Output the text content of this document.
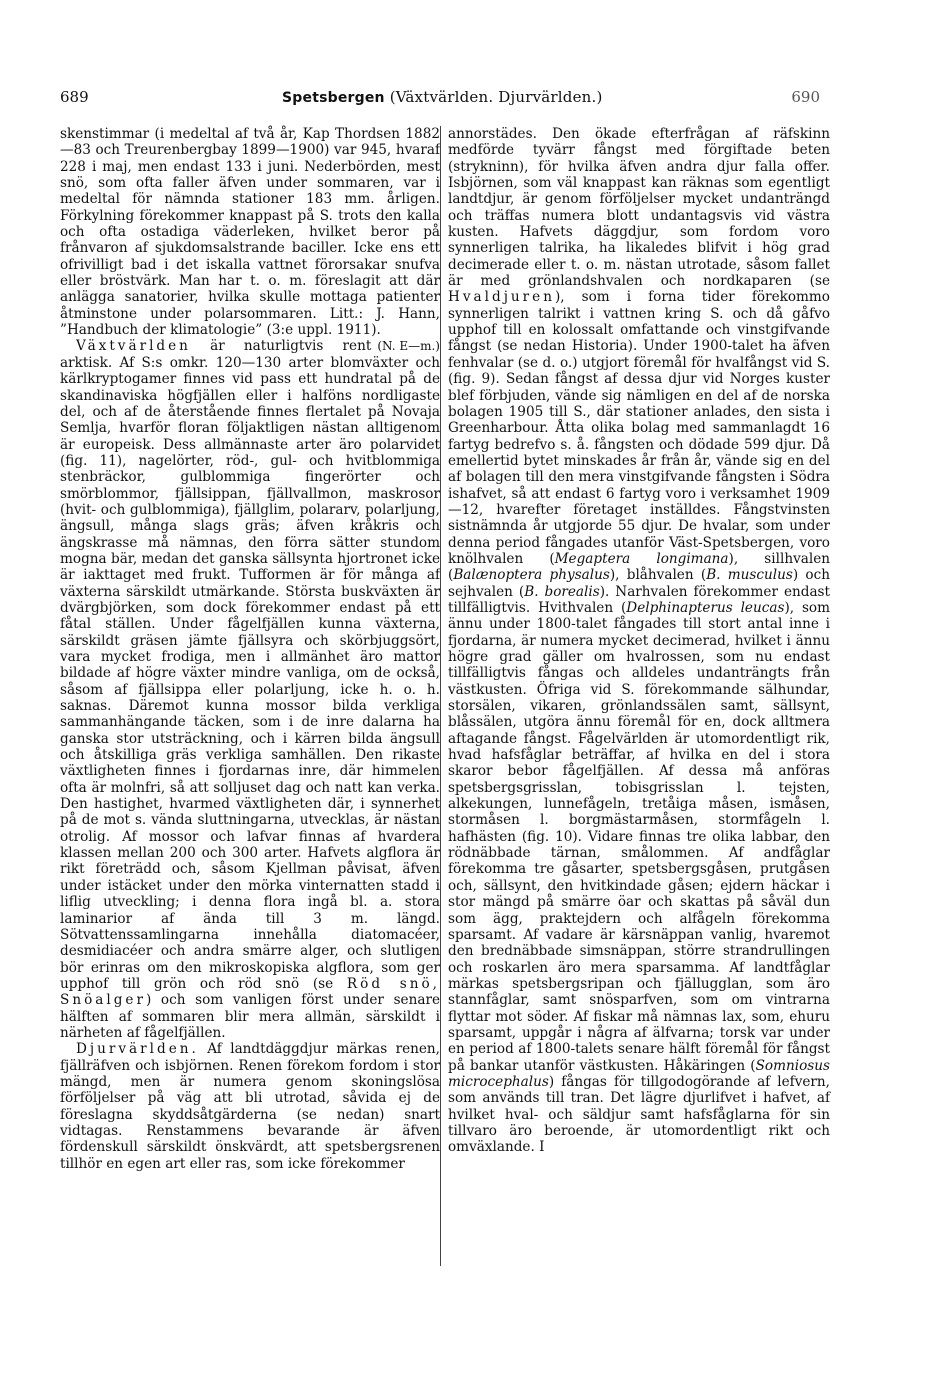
689	Spetsbergen (Växtvärlden. Djurvärlden.)	690

skenstimmar (i medeltal af två år, Kap Thordsen 1882—83 och Treurenbergbay 1899—1900) var 945, hvaraf 228 i maj, men endast 133 i juni. Nederbörden, mest snö, som ofta faller äfven under sommaren, var i medeltal för nämnda stationer 183 mm. årligen. Förkylning förekommer knappast på S. trots den kalla och ofta ostadiga väderleken, hvilket beror på frånvaron af sjukdomsalstrande baciller. Icke ens ett ofrivilligt bad i det iskalla vattnet förorsakar snufva eller bröstvärk. Man har t. o. m. föreslagit att där anlägga sanatorier, hvilka skulle mottaga patienter åtminstone under polarsommaren. Litt.: J. Hann, ”Handbuch der klimatologie” (3:e uppl. 1911).
(N. E—m.)

Växtvärlden är naturligtvis rent arktisk. Af S:s omkr. 120—130 arter blomväxter och kärlkryptogamer finnes vid pass ett hundratal på de skandinaviska högfjällen eller i halföns nordligaste del, och af de återstående finnes flertalet på Novaja Semlja, hvarför floran följaktligen nästan alltigenom är europeisk. Dess allmännaste arter äro polarvidet (fig. 11), nagelörter, röd-, gul- och hvitblommiga stenbräckor, gulblommiga fingerörter och smörblommor, fjällsippan, fjällvallmon, maskrosor (hvit- och gulblommiga), fjällglim, polararv, polarljung, ängsull, många slags gräs; äfven kråkris och ängskrasse må nämnas, den förra sätter stundom mogna bär, medan det ganska sällsynta hjortronet icke är iakttaget med frukt. Tufformen är för många af växterna särskildt utmärkande. Största buskväxten är dvärgbjörken, som dock förekommer endast på ett fåtal ställen. Under fågelfjällen kunna växterna, särskildt gräsen jämte fjällsyra och skörbjuggsört, vara mycket frodiga, men i allmänhet äro mattor bildade af högre växter mindre vanliga, om de också, såsom af fjällsippa eller polarljung, icke h. o. h. saknas. Däremot kunna mossor bilda verkliga sammanhängande täcken, som i de inre dalarna ha ganska stor utsträckning, och i kärren bilda ängsull och åtskilliga gräs verkliga samhällen. Den rikaste växtligheten finnes i fjordarnas inre, där himmelen ofta är molnfri, så att solljuset dag och natt kan verka. Den hastighet, hvarmed växtligheten där, i synnerhet på de mot s. vända sluttningarna, utvecklas, är nästan otrolig. Af mossor och lafvar finnas af hvardera klassen mellan 200 och 300 arter. Hafvets algflora är rikt företrädd och, såsom Kjellman påvisat, äfven under istäcket under den mörka vinternatten stadd i liflig utveckling; i denna flora ingå bl. a. stora laminarior af ända till 3 m. längd. Sötvattenssamlingarna innehålla diatomacéer, desmidiacéer och andra smärre alger, och slutligen bör erinras om den mikroskopiska algflora, som ger upphof till grön och röd snö (se Röd snö, Snöalger) och som vanligen först under senare hälften af sommaren blir mera allmän, särskildt i närheten af fågelfjällen.

Djurvärlden. Af landtdäggdjur märkas renen, fjällräfven och isbjörnen. Renen förekom fordom i stor mängd, men är numera genom skoningslösa förföljelser på väg att bli utrotad, såvida ej de föreslagna skyddsåtgärderna (se nedan) snart vidtagas. Renstammens bevarande är äfven fördenskull särskildt önskvärdt, att spetsbergsrenen tillhör en egen art eller ras, som icke förekommer

annorstädes. Den ökade efterfrågan af räfskinn medförde tyvärr fångst med förgiftade beten (strykninn), för hvilka äfven andra djur falla offer. Isbjörnen, som väl knappast kan räknas som egentligt landtdjur, är genom förföljelser mycket undanträngd och träffas numera blott undantagsvis vid västra kusten. Hafvets däggdjur, som fordom voro synnerligen talrika, ha likaledes blifvit i hög grad decimerade eller t. o. m. nästan utrotade, såsom fallet är med grönlandshvalen och nordkaparen (se Hvaldjuren), som i forna tider förekommo synnerligen talrikt i vattnen kring S. och då gåfvo upphof till en kolossalt omfattande och vinstgifvande fångst (se nedan Historia). Under 1900-talet ha äfven fenhvalar (se d. o.) utgjort föremål för hvalfångst vid S. (fig. 9). Sedan fångst af dessa djur vid Norges kuster blef förbjuden, vände sig nämligen en del af de norska bolagen 1905 till S., där stationer anlades, den sista i Greenharbour. Åtta olika bolag med sammanlagdt 16 fartyg bedrefvo s. å. fångsten och dödade 599 djur. Då emellertid bytet minskades år från år, vände sig en del af bolagen till den mera vinstgifvande fångsten i Södra ishafvet, så att endast 6 fartyg voro i verksamhet 1909—12, hvarefter företaget inställdes. Fångstvinsten sistnämnda år utgjorde 55 djur. De hvalar, som under denna period fångades utanför Väst-Spetsbergen, voro knölhvalen (Megaptera longimana), sillhvalen (Balænoptera physalus), blåhvalen (B. musculus) och sejhvalen (B. borealis). Narhvalen förekommer endast tillfälligtvis. Hvithvalen (Delphinapterus leucas), som ännu under 1800-talet fångades till stort antal inne i fjordarna, är numera mycket decimerad, hvilket i ännu högre grad gäller om hvalrossen, som nu endast tillfälligtvis fångas och alldeles undanträngts från västkusten. Öfriga vid S. förekommande sälhundar, storsälen, vikaren, grönlandssälen samt, sällsynt, blåssälen, utgöra ännu föremål för en, dock alltmera aftagande fångst. Fågelvärlden är utomordentligt rik, hvad hafsfåglar beträffar, af hvilka en del i stora skaror bebor fågelfjällen. Af dessa må anföras spetsbergsgrisslan, tobisgrisslan l. tejsten, alkekungen, lunnefågeln, tretåiga måsen, ismåsen, stormåsen l. borgmästarmåsen, stormfågeln l. hafhästen (fig. 10). Vidare finnas tre olika labbar, den rödnäbbade tärnan, smålommen. Af andfåglar förekomma tre gåsarter, spetsbergsgåsen, prutgåsen och, sällsynt, den hvitkindade gåsen; ejdern häckar i stor mängd på smärre öar och skattas på såväl dun som ägg, praktejdern och alfågeln förekomma sparsamt. Af vadare är kärsnäppan vanlig, hvaremot den brednäbbade simsnäppan, större strandrullingen och roskarlen äro mera sparsamma. Af landtfåglar märkas spetsbergsripan och fjällugglan, som äro stannfåglar, samt snösparfven, som om vintrarna flyttar mot söder. Af fiskar må nämnas lax, som, ehuru sparsamt, uppgår i några af älfvarna; torsk var under en period af 1800-talets senare hälft föremål för fångst på bankar utanför västkusten. Håkäringen (Somniosus microcephalus) fångas för tillgodogörande af lefvern, som används till tran. Det lägre djurlifvet i hafvet, af hvilket hval- och säldjur samt hafsfåglarna för sin tillvaro äro beroende, är utomordentligt rikt och omväxlande. I
